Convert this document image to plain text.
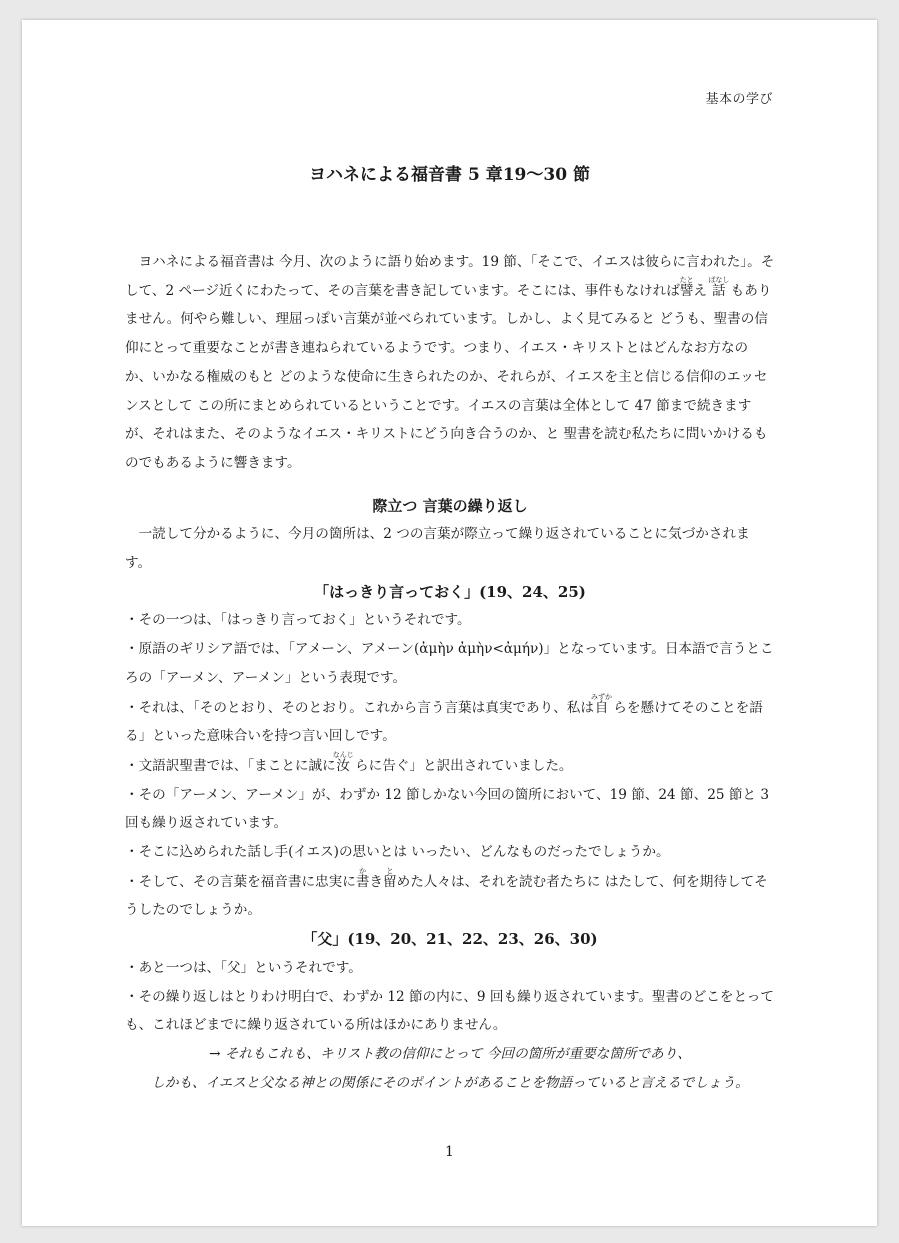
基本の学び
ヨハネによる福音書 5 章19〜30 節

ヨハネによる福音書は 今月、次のように語り始めます。19 節、「そこで、イエスは彼らに言われた」。そして、2 ページ近くにわたって、その言葉を書き記しています。そこには、事件もなければ譬たとえ 話ばなし もありません。何やら難しい、理屈っぽい言葉が並べられています。しかし、よく見てみると どうも、聖書の信仰にとって重要なことが書き連ねられているようです。つまり、イエス・キリストとはどんなお方なのか、いかなる権威のもと どのような使命に生きられたのか、それらが、イエスを主と信じる信仰のエッセンスとして この所にまとめられているということです。イエスの言葉は全体として 47 節まで続きますが、それはまた、そのようなイエス・キリストにどう向き合うのか、と 聖書を読む私たちに問いかけるものでもあるように響きます。

際立つ 言葉の繰り返し

一読して分かるように、今月の箇所は、2 つの言葉が際立って繰り返されていることに気づかされます。

「はっきり言っておく」(19、24、25)

・その一つは、「はっきり言っておく」というそれです。

・原語のギリシア語では、「アメーン、アメーン(ἀμὴν ἀμὴν<ἀμήν)」となっています。日本語で言うところの「アーメン、アーメン」という表現です。

・それは、「そのとおり、そのとおり。これから言う言葉は真実であり、私は自みずか らを懸けてそのことを語る」といった意味合いを持つ言い回しです。

・文語訳聖書では、「まことに誠に汝なんじ らに告ぐ」と訳出されていました。

・その「アーメン、アーメン」が、わずか 12 節しかない今回の箇所において、19 節、24 節、25 節と 3 回も繰り返されています。

・そこに込められた話し手(イエス)の思いとは いったい、どんなものだったでしょうか。

・そして、その言葉を福音書に忠実に書かき留とめた人々は、それを読む者たちに はたして、何を期待してそうしたのでしょうか。

「父」(19、20、21、22、23、26、30)

・あと一つは、「父」というそれです。

・その繰り返しはとりわけ明白で、わずか 12 節の内に、9 回も繰り返されています。聖書のどこをとっても、これほどまでに繰り返されている所はほかにありません。

→ それもこれも、キリスト教の信仰にとって 今回の箇所が重要な箇所であり、

しかも、イエスと父なる神との関係にそのポイントがあることを物語っていると言えるでしょう。

1
